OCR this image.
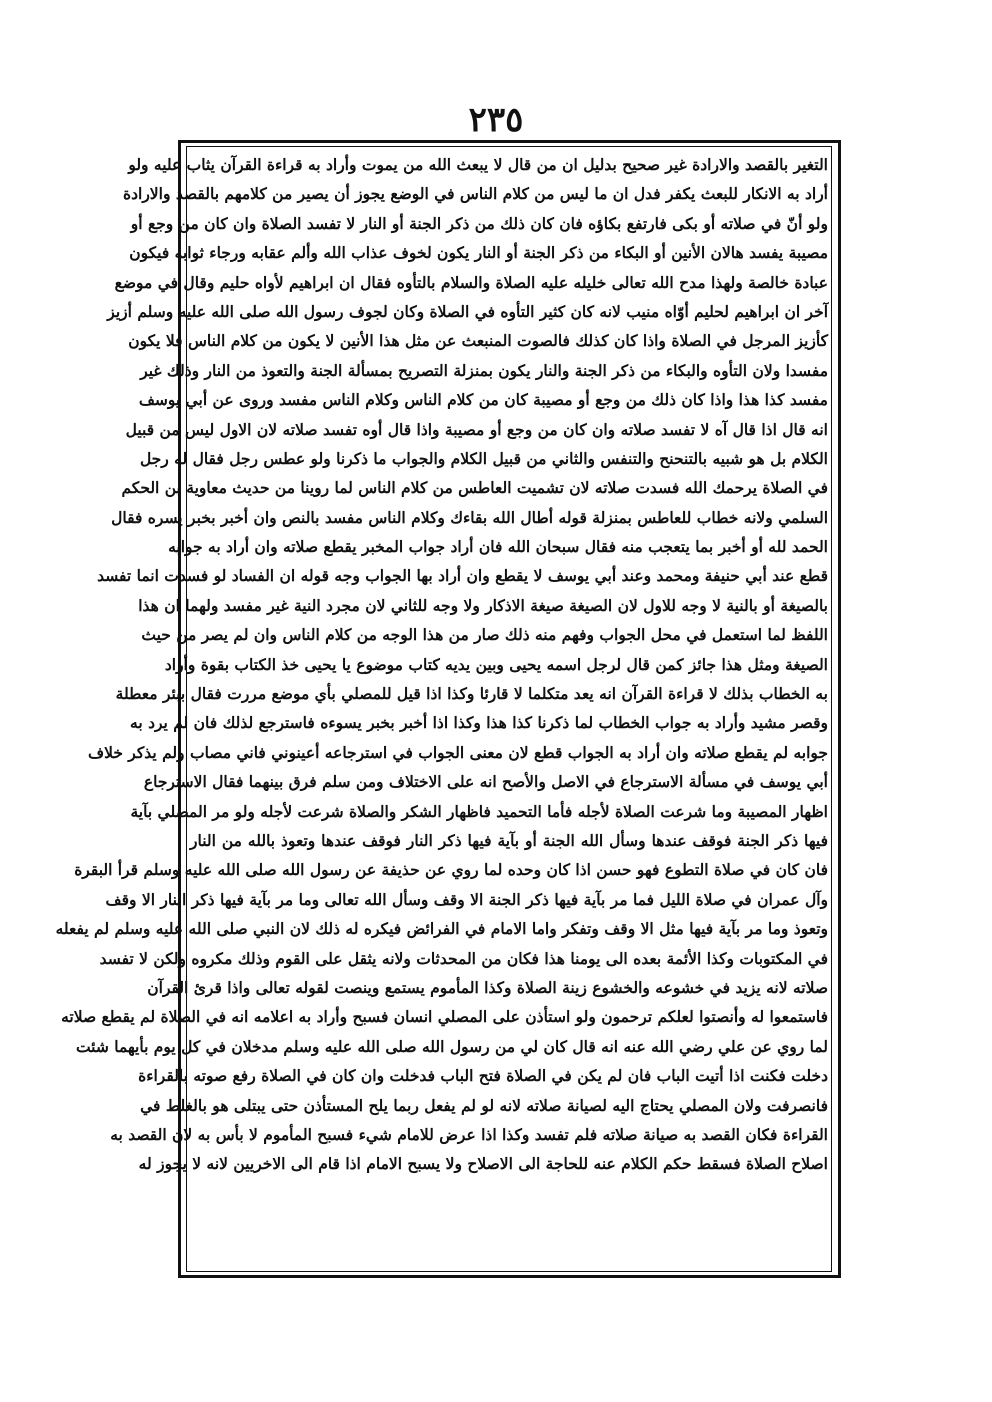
٢٣٥
التغير بالقصد والارادة غير صحيح بدليل ان من قال لا يبعث الله من يموت وأراد به قراءة القرآن يثاب عليه ولو
أراد به الانكار للبعث يكفر فدل ان ما ليس من كلام الناس في الوضع يجوز أن يصير من كلامهم بالقصد والارادة
ولو أنّ في صلاته أو بكى فارتفع بكاؤه فان كان ذلك من ذكر الجنة أو النار لا تفسد الصلاة وان كان من وجع أو
مصيبة يفسد هالان الأنين أو البكاء من ذكر الجنة أو النار يكون لخوف عذاب الله وألم عقابه ورجاء ثوابه فيكون
عبادة خالصة ولهذا مدح الله تعالى خليله عليه الصلاة والسلام بالتأوه فقال ان ابراهيم لأواه حليم وقال في موضع
آخر ان ابراهيم لحليم أوّاه منيب لانه كان كثير التأوه في الصلاة وكان لجوف رسول الله صلى الله عليه وسلم أزيز
كأزيز المرجل في الصلاة واذا كان كذلك فالصوت المنبعث عن مثل هذا الأنين لا يكون من كلام الناس فلا يكون
مفسدا ولان التأوه والبكاء من ذكر الجنة والنار يكون بمنزلة التصريح بمسألة الجنة والتعوذ من النار وذلك غير
مفسد كذا هذا واذا كان ذلك من وجع أو مصيبة كان من كلام الناس وكلام الناس مفسد وروى عن أبي يوسف
انه قال اذا قال آه لا تفسد صلاته وان كان من وجع أو مصيبة واذا قال أوه تفسد صلاته لان الاول ليس من قبيل
الكلام بل هو شبيه بالتنحنح والتنفس والثاني من قبيل الكلام والجواب ما ذكرنا ولو عطس رجل فقال له رجل
في الصلاة يرحمك الله فسدت صلاته لان تشميت العاطس من كلام الناس لما روينا من حديث معاوية بن الحكم
السلمي ولانه خطاب للعاطس بمنزلة قوله أطال الله بقاءك وكلام الناس مفسد بالنص وان أخبر بخبر يسره فقال
الحمد لله أو أخبر بما يتعجب منه فقال سبحان الله فان أراد جواب المخبر يقطع صلاته وان أراد به جوابه
قطع عند أبي حنيفة ومحمد وعند أبي يوسف لا يقطع وان أراد بها الجواب وجه قوله ان الفساد لو فسدت انما تفسد
بالصيغة أو بالنية لا وجه للاول لان الصيغة صيغة الاذكار ولا وجه للثاني لان مجرد النية غير مفسد ولهما ان هذا
اللفظ لما استعمل في محل الجواب وفهم منه ذلك صار من هذا الوجه من كلام الناس وان لم يصر من حيث
الصيغة ومثل هذا جائز كمن قال لرجل اسمه يحيى وبين يديه كتاب موضوع يا يحيى خذ الكتاب بقوة وأراد
به الخطاب بذلك لا قراءة القرآن انه يعد متكلما لا قارئا وكذا اذا قيل للمصلي بأي موضع مررت فقال ببئر معطلة
وقصر مشيد وأراد به جواب الخطاب لما ذكرنا كذا هذا وكذا اذا أخبر بخبر يسوءه فاسترجع لذلك فان لم يرد به
جوابه لم يقطع صلاته وان أراد به الجواب قطع لان معنى الجواب في استرجاعه أعينوني فاني مصاب ولم يذكر خلاف
أبي يوسف في مسألة الاسترجاع في الاصل والأصح انه على الاختلاف ومن سلم فرق بينهما فقال الاسترجاع
اظهار المصيبة وما شرعت الصلاة لأجله فأما التحميد فاظهار الشكر والصلاة شرعت لأجله ولو مر المصلي بآية
فيها ذكر الجنة فوقف عندها وسأل الله الجنة أو بآية فيها ذكر النار فوقف عندها وتعوذ بالله من النار
فان كان في صلاة التطوع فهو حسن اذا كان وحده لما روي عن حذيفة عن رسول الله صلى الله عليه وسلم قرأ البقرة
وآل عمران في صلاة الليل فما مر بآية فيها ذكر الجنة الا وقف وسأل الله تعالى وما مر بآية فيها ذكر النار الا وقف
وتعوذ وما مر بآية فيها مثل الا وقف وتفكر واما الامام في الفرائض فيكره له ذلك لان النبي صلى الله عليه وسلم لم يفعله
في المكتوبات وكذا الأئمة بعده الى يومنا هذا فكان من المحدثات ولانه يثقل على القوم وذلك مكروه ولكن لا تفسد
صلاته لانه يزيد في خشوعه والخشوع زينة الصلاة وكذا المأموم يستمع وينصت لقوله تعالى واذا قرئ القرآن
فاستمعوا له وأنصتوا لعلكم ترحمون ولو استأذن على المصلي انسان فسبح وأراد به اعلامه انه في الصلاة لم يقطع صلاته
لما روي عن علي رضي الله عنه انه قال كان لي من رسول الله صلى الله عليه وسلم مدخلان في كل يوم بأيهما شئت
دخلت فكنت اذا أتيت الباب فان لم يكن في الصلاة فتح الباب فدخلت وان كان في الصلاة رفع صوته بالقراءة
فانصرفت ولان المصلي يحتاج اليه لصيانة صلاته لانه لو لم يفعل ربما يلح المستأذن حتى يبتلى هو بالغلط في
القراءة فكان القصد به صيانة صلاته فلم تفسد وكذا اذا عرض للامام شيء فسبح المأموم لا بأس به لان القصد به
اصلاح الصلاة فسقط حكم الكلام عنه للحاجة الى الاصلاح ولا يسبح الامام اذا قام الى الاخريين لانه لا يجوز له
